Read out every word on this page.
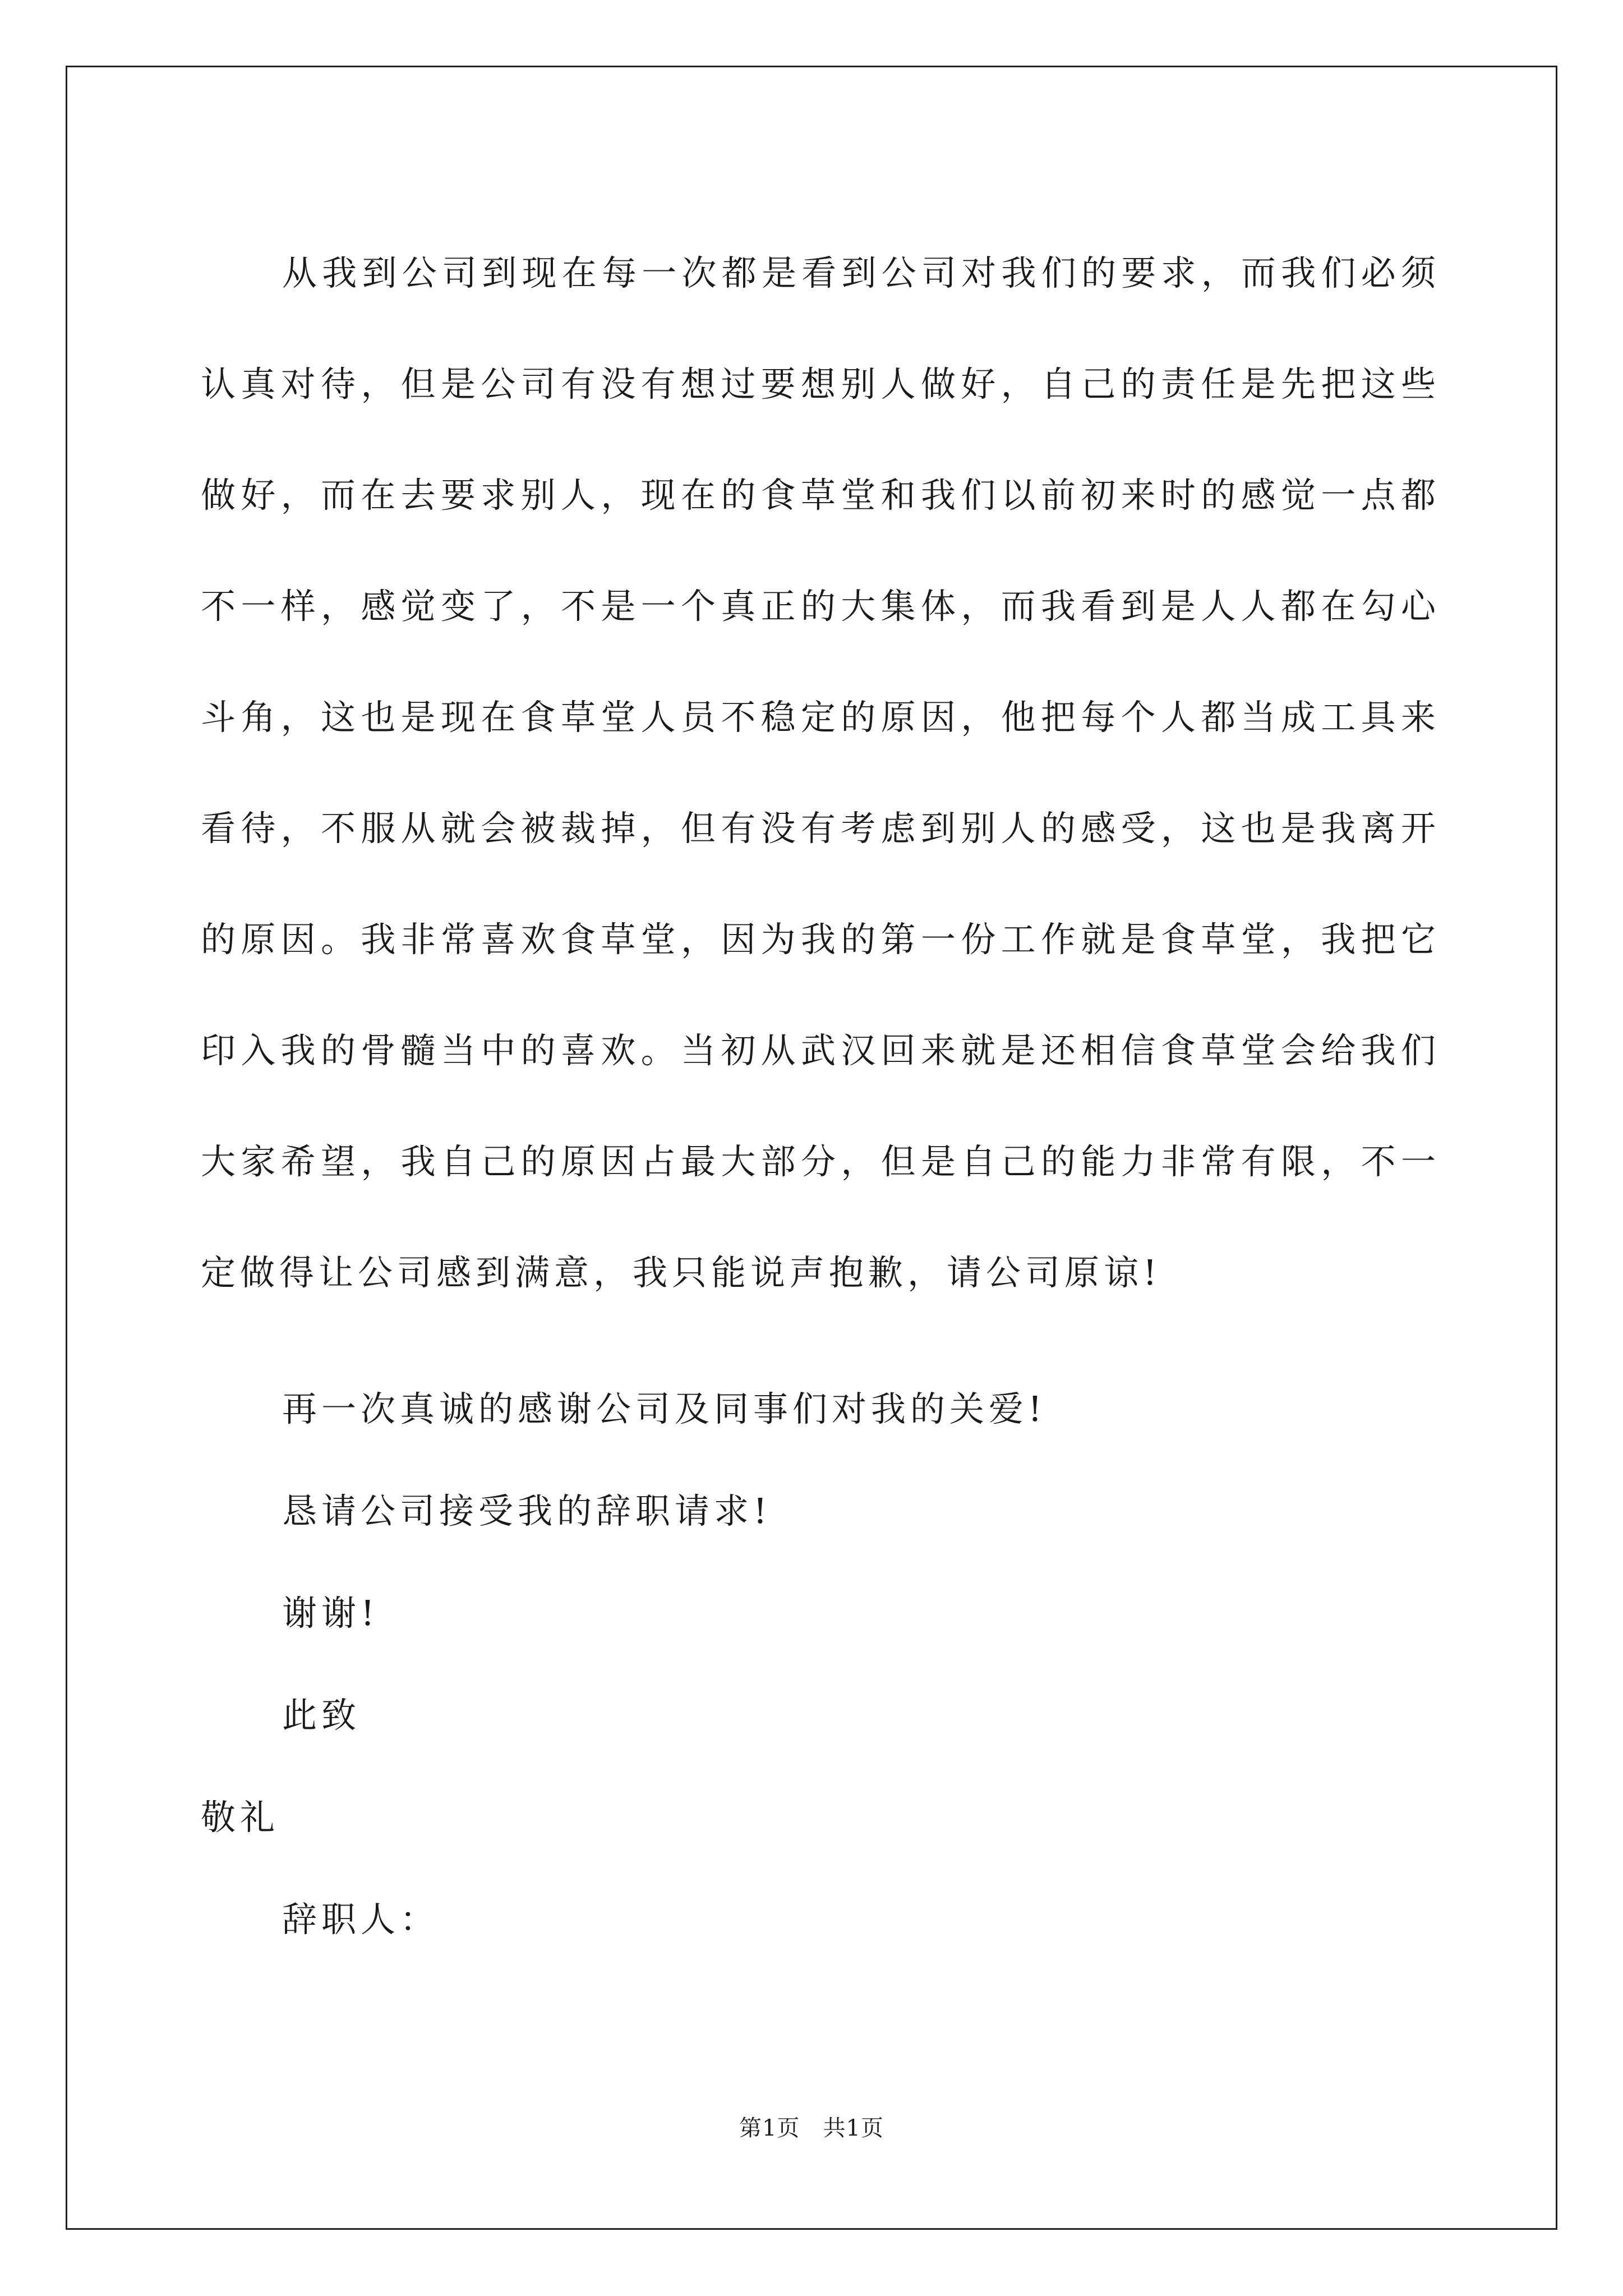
从我到公司到现在每一次都是看到公司对我们的要求，而我们必须认真对待，但是公司有没有想过要想别人做好，自己的责任是先把这些做好，而在去要求别人，现在的食草堂和我们以前初来时的感觉一点都不一样，感觉变了，不是一个真正的大集体，而我看到是人人都在勾心斗角，这也是现在食草堂人员不稳定的原因，他把每个人都当成工具来看待，不服从就会被裁掉，但有没有考虑到别人的感受，这也是我离开的原因。我非常喜欢食草堂，因为我的第一份工作就是食草堂，我把它印入我的骨髓当中的喜欢。当初从武汉回来就是还相信食草堂会给我们大家希望，我自己的原因占最大部分，但是自己的能力非常有限，不一定做得让公司感到满意，我只能说声抱歉，请公司原谅!

再一次真诚的感谢公司及同事们对我的关爱!

恳请公司接受我的辞职请求!

谢谢!

此致

敬礼

辞职人：

第1页   共1页
